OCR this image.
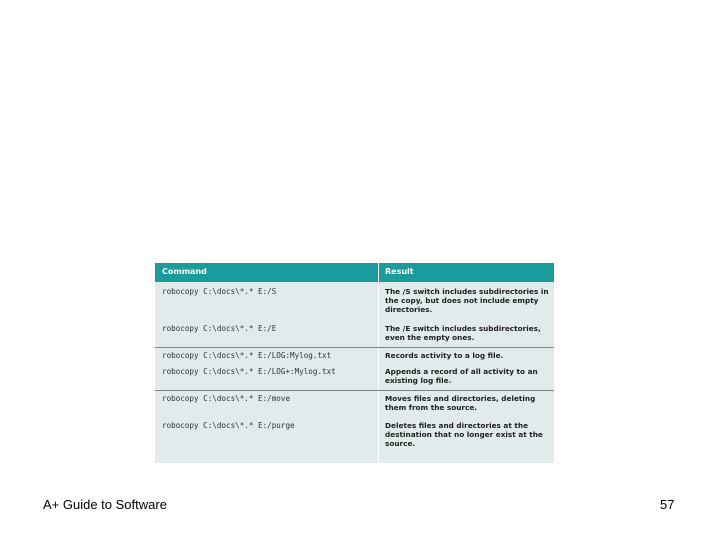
Command	Result
robocopy C:\docs\*.* E:/S	The /S switch includes subdirectories in the copy, but does not include empty directories.
robocopy C:\docs\*.* E:/E	The /E switch includes subdirectories, even the empty ones.
robocopy C:\docs\*.* E:/LOG:Mylog.txt	Records activity to a log file.
robocopy C:\docs\*.* E:/LOG+:Mylog.txt	Appends a record of all activity to an existing log file.
robocopy C:\docs\*.* E:/move	Moves files and directories, deleting them from the source.
robocopy C:\docs\*.* E:/purge	Deletes files and directories at the destination that no longer exist at the source.
A+ Guide to Software	57
